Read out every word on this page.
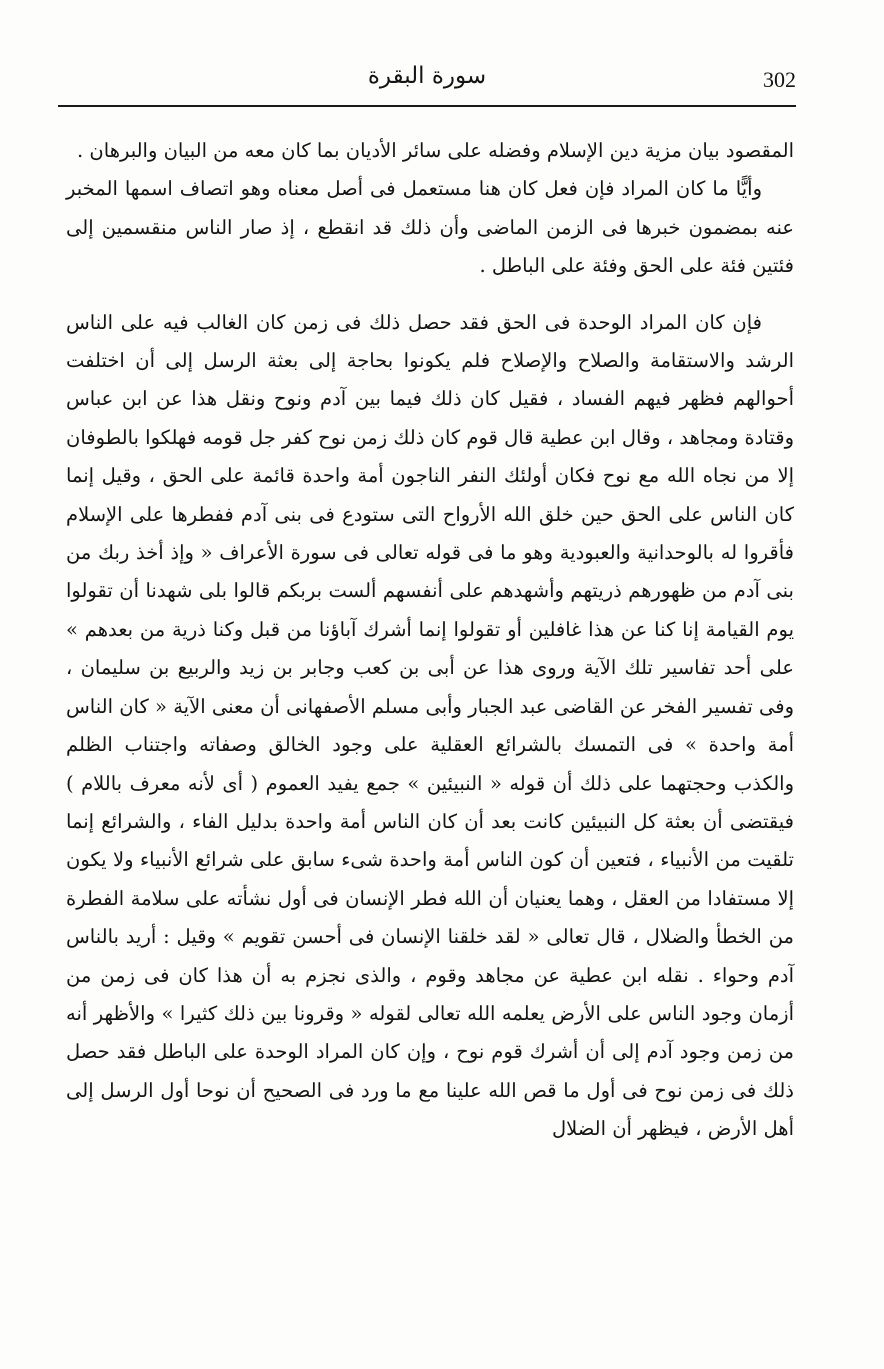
سورة البقرة	302

المقصود بيان مزية دين الإسلام وفضله على سائر الأديان بما كان معه من البيان والبرهان .

وأيًّا ما كان المراد فإن فعل كان هنا مستعمل فى أصل معناه وهو اتصاف اسمها المخبر عنه بمضمون خبرها فى الزمن الماضى وأن ذلك قد انقطع ، إذ صار الناس منقسمين إلى فئتين فئة على الحق وفئة على الباطل .

فإن كان المراد الوحدة فى الحق فقد حصل ذلك فى زمن كان الغالب فيه على الناس الرشد والاستقامة والصلاح والإصلاح فلم يكونوا بحاجة إلى بعثة الرسل إلى أن اختلفت أحوالهم فظهر فيهم الفساد ، فقيل كان ذلك فيما بين آدم ونوح ونقل هذا عن ابن عباس وقتادة ومجاهد ، وقال ابن عطية قال قوم كان ذلك زمن نوح كفر جل قومه فهلكوا بالطوفان إلا من نجاه الله مع نوح فكان أولئك النفر الناجون أمة واحدة قائمة على الحق ، وقيل إنما كان الناس على الحق حين خلق الله الأرواح التى ستودع فى بنى آدم ففطرها على الإسلام فأقروا له بالوحدانية والعبودية وهو ما فى قوله تعالى فى سورة الأعراف « وإذ أخذ ربك من بنى آدم من ظهورهم ذريتهم وأشهدهم على أنفسهم ألست بربكم قالوا بلى شهدنا أن تقولوا يوم القيامة إنا كنا عن هذا غافلين أو تقولوا إنما أشرك آباؤنا من قبل وكنا ذرية من بعدهم » على أحد تفاسير تلك الآية وروى هذا عن أبى بن كعب وجابر بن زيد والربيع بن سليمان ، وفى تفسير الفخر عن القاضى عبد الجبار وأبى مسلم الأصفهانى أن معنى الآية « كان الناس أمة واحدة » فى التمسك بالشرائع العقلية على وجود الخالق وصفاته واجتناب الظلم والكذب وحجتهما على ذلك أن قوله « النبيئين » جمع يفيد العموم ( أى لأنه معرف باللام ) فيقتضى أن بعثة كل النبيئين كانت بعد أن كان الناس أمة واحدة بدليل الفاء ، والشرائع إنما تلقيت من الأنبياء ، فتعين أن كون الناس أمة واحدة شىء سابق على شرائع الأنبياء ولا يكون إلا مستفادا من العقل ، وهما يعنيان أن الله فطر الإنسان فى أول نشأته على سلامة الفطرة من الخطأ والضلال ، قال تعالى « لقد خلقنا الإنسان فى أحسن تقويم » وقيل : أريد بالناس آدم وحواء . نقله ابن عطية عن مجاهد وقوم ، والذى نجزم به أن هذا كان فى زمن من أزمان وجود الناس على الأرض يعلمه الله تعالى لقوله « وقرونا بين ذلك كثيرا » والأظهر أنه من زمن وجود آدم إلى أن أشرك قوم نوح ، وإن كان المراد الوحدة على الباطل فقد حصل ذلك فى زمن نوح فى أول ما قص الله علينا مع ما ورد فى الصحيح أن نوحا أول الرسل إلى أهل الأرض ، فيظهر أن الضلال
